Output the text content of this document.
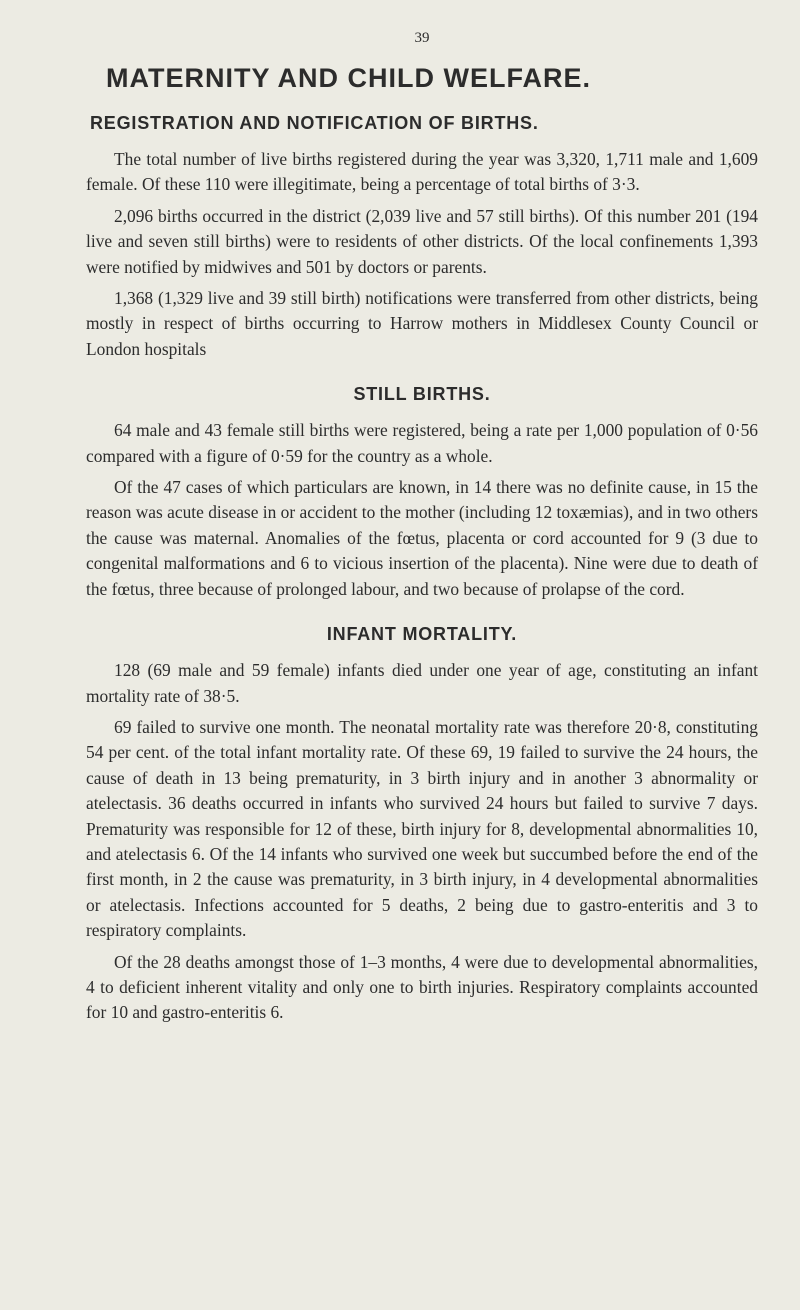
39
MATERNITY AND CHILD WELFARE.
REGISTRATION AND NOTIFICATION OF BIRTHS.

The total number of live births registered during the year was 3,320, 1,711 male and 1,609 female. Of these 110 were illegitimate, being a percentage of total births of 3·3.

2,096 births occurred in the district (2,039 live and 57 still births). Of this number 201 (194 live and seven still births) were to residents of other districts. Of the local confinements 1,393 were notified by midwives and 501 by doctors or parents.

1,368 (1,329 live and 39 still birth) notifications were transferred from other districts, being mostly in respect of births occurring to Harrow mothers in Middlesex County Council or London hospitals

STILL BIRTHS.

64 male and 43 female still births were registered, being a rate per 1,000 population of 0·56 compared with a figure of 0·59 for the country as a whole.

Of the 47 cases of which particulars are known, in 14 there was no definite cause, in 15 the reason was acute disease in or accident to the mother (including 12 toxæmias), and in two others the cause was maternal. Anomalies of the fœtus, placenta or cord accounted for 9 (3 due to congenital malformations and 6 to vicious insertion of the placenta). Nine were due to death of the fœtus, three because of prolonged labour, and two because of prolapse of the cord.

INFANT MORTALITY.

128 (69 male and 59 female) infants died under one year of age, constituting an infant mortality rate of 38·5.

69 failed to survive one month. The neonatal mortality rate was therefore 20·8, constituting 54 per cent. of the total infant mortality rate. Of these 69, 19 failed to survive the 24 hours, the cause of death in 13 being prematurity, in 3 birth injury and in another 3 abnormality or atelectasis. 36 deaths occurred in infants who survived 24 hours but failed to survive 7 days. Prematurity was responsible for 12 of these, birth injury for 8, developmental abnormalities 10, and atelectasis 6. Of the 14 infants who survived one week but succumbed before the end of the first month, in 2 the cause was prematurity, in 3 birth injury, in 4 developmental abnormalities or atelectasis. Infections accounted for 5 deaths, 2 being due to gastro-enteritis and 3 to respiratory complaints.

Of the 28 deaths amongst those of 1–3 months, 4 were due to developmental abnormalities, 4 to deficient inherent vitality and only one to birth injuries. Respiratory complaints accounted for 10 and gastro-enteritis 6.
